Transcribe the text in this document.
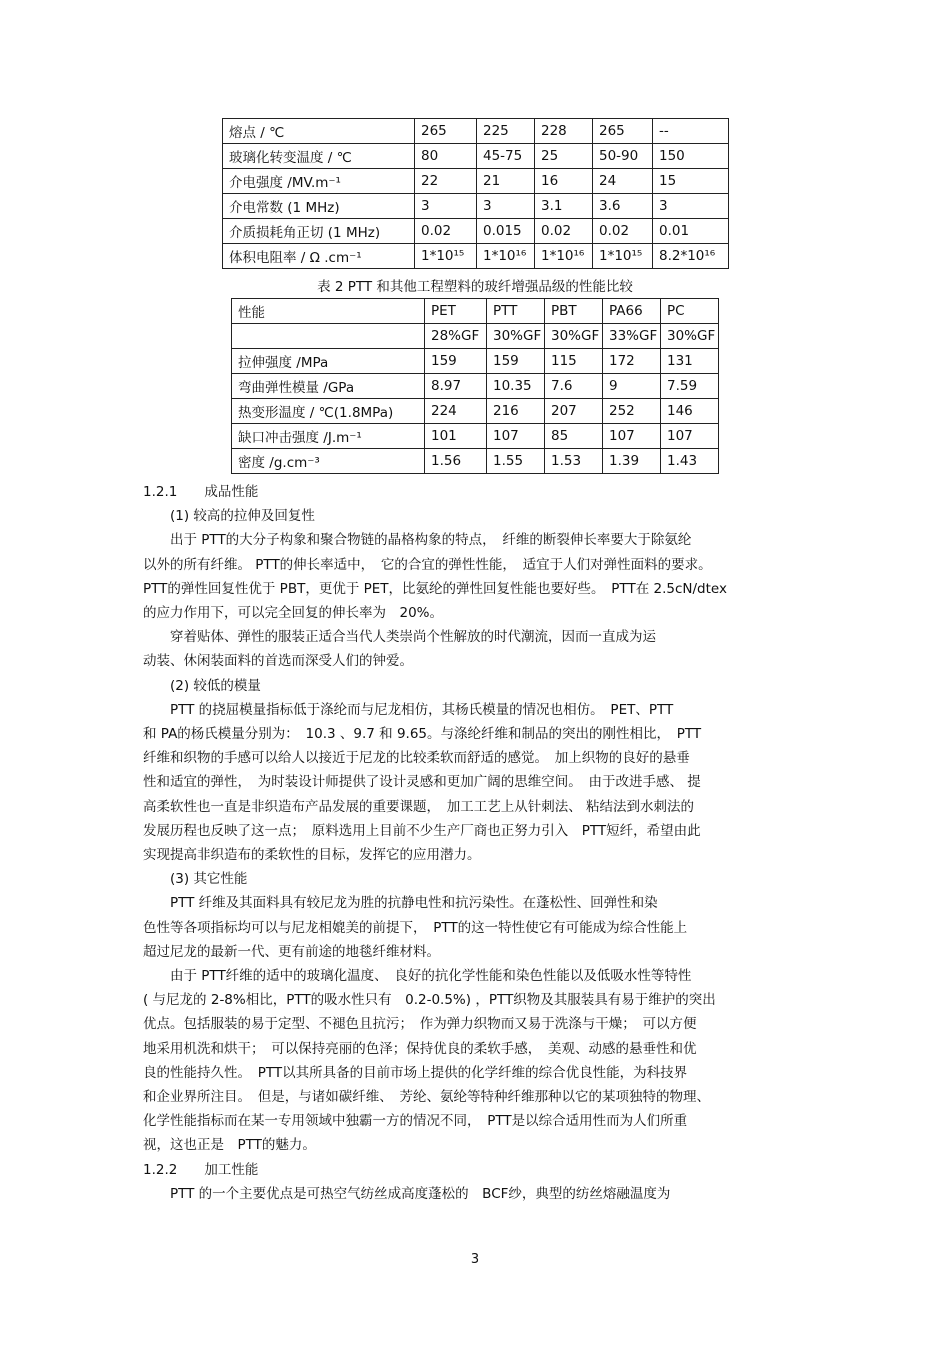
熔点 / ℃	265	225	228	265	--
玻璃化转变温度 / ℃	80	45-75	25	50-90	150
介电强度 /MV.m⁻¹	22	21	16	24	15
介电常数 (1 MHz)	3	3	3.1	3.6	3
介质损耗角正切 (1 MHz)	0.02	0.015	0.02	0.02	0.01
体积电阻率 / Ω .cm⁻¹	1*10¹⁵	1*10¹⁶	1*10¹⁶	1*10¹⁵	8.2*10¹⁶
表 2 PTT 和其他工程塑料的玻纤增强品级的性能比较
性能	PET	PTT	PBT	PA66	PC
	28%GF	30%GF	30%GF	33%GF	30%GF
拉伸强度 /MPa	159	159	115	172	131
弯曲弹性模量 /GPa	8.97	10.35	7.6	9	7.59
热变形温度 / ℃(1.8MPa)	224	216	207	252	146
缺口冲击强度 /J.m⁻¹	101	107	85	107	107
密度 /g.cm⁻³	1.56	1.55	1.53	1.39	1.43
1.2.1　　成品性能
　　(1) 较高的拉伸及回复性
　　出于 PTT的大分子构象和聚合物链的晶格构象的特点，　纤维的断裂伸长率要大于除氨纶
以外的所有纤维。 PTT的伸长率适中，　它的合宜的弹性性能，　适宜于人们对弹性面料的要求。
PTT的弹性回复性优于 PBT，更优于 PET，比氨纶的弹性回复性能也要好些。　PTT在 2.5cN/dtex
的应力作用下，可以完全回复的伸长率为　20%。
　　穿着贴体、弹性的服装正适合当代人类崇尚个性解放的时代潮流，因而一直成为运
动装、休闲装面料的首选而深受人们的钟爱。
　　(2) 较低的模量
　　PTT 的挠屈模量指标低于涤纶而与尼龙相仿，其杨氏模量的情况也相仿。　PET、PTT
和 PA的杨氏模量分别为：　10.3 、9.7 和 9.65。与涤纶纤维和制品的突出的刚性相比，　PTT
纤维和织物的手感可以给人以接近于尼龙的比较柔软而舒适的感觉。　加上织物的良好的悬垂
性和适宜的弹性，　为时装设计师提供了设计灵感和更加广阔的思维空间。　由于改进手感、 提
高柔软性也一直是非织造布产品发展的重要课题，　加工工艺上从针刺法、 粘结法到水刺法的
发展历程也反映了这一点；　原料选用上目前不少生产厂商也正努力引入　PTT短纤，希望由此
实现提高非织造布的柔软性的目标，发挥它的应用潜力。
　　(3) 其它性能
　　PTT 纤维及其面料具有较尼龙为胜的抗静电性和抗污染性。在蓬松性、回弹性和染
色性等各项指标均可以与尼龙相媲美的前提下，　PTT的这一特性使它有可能成为综合性能上
超过尼龙的最新一代、更有前途的地毯纤维材料。
　　由于 PTT纤维的适中的玻璃化温度、　良好的抗化学性能和染色性能以及低吸水性等特性
( 与尼龙的 2-8%相比，PTT的吸水性只有　0.2-0.5%) ，PTT织物及其服装具有易于维护的突出
优点。包括服装的易于定型、不褪色且抗污；　作为弹力织物而又易于洗涤与干燥；　可以方便
地采用机洗和烘干；　可以保持亮丽的色泽；保持优良的柔软手感，　美观、动感的悬垂性和优
良的性能持久性。　PTT以其所具备的目前市场上提供的化学纤维的综合优良性能，为科技界
和企业界所注目。　但是，与诸如碳纤维、　芳纶、氨纶等特种纤维那种以它的某项独特的物理、
化学性能指标而在某一专用领域中独霸一方的情况不同，　PTT是以综合适用性而为人们所重
视，这也正是　PTT的魅力。
1.2.2　　加工性能
　　PTT 的一个主要优点是可热空气纺丝成高度蓬松的　BCF纱，典型的纺丝熔融温度为
3
